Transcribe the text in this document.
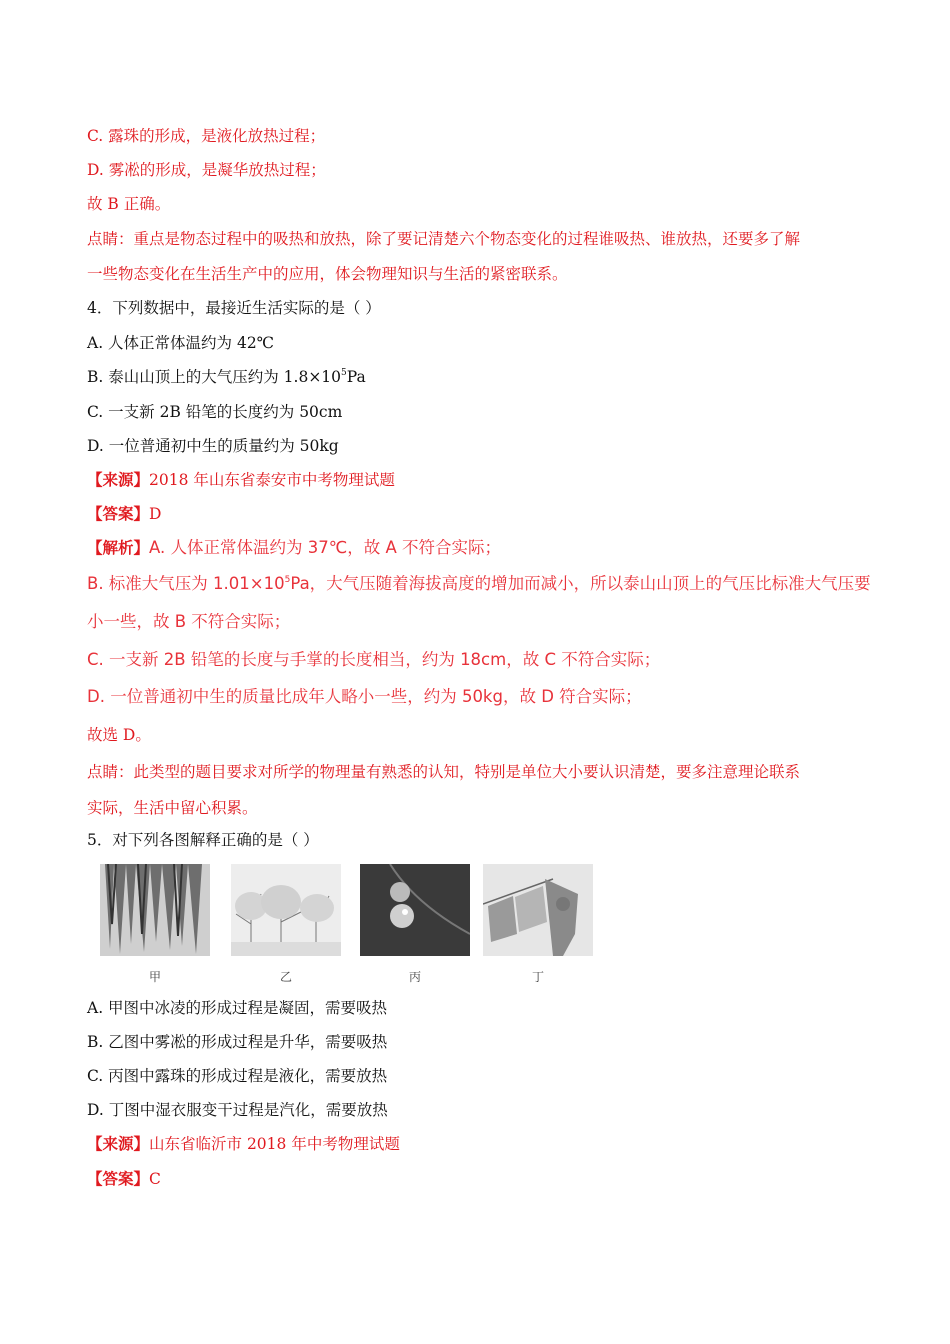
C. 露珠的形成，是液化放热过程；
D. 雾凇的形成，是凝华放热过程；
故 B 正确。
点睛：重点是物态过程中的吸热和放热，除了要记清楚六个物态变化的过程谁吸热、谁放热，还要多了解
一些物态变化在生活生产中的应用，体会物理知识与生活的紧密联系。
4．下列数据中，最接近生活实际的是（ ）
A. 人体正常体温约为 42℃
B. 泰山山顶上的大气压约为 $1.8\times 10^5Pa$
C. 一支新 2B 铅笔的长度约为 50cm
D. 一位普通初中生的质量约为 50kg
【来源】2018 年山东省泰安市中考物理试题
【答案】D
【解析】A. 人体正常体温约为 37℃，故 A 不符合实际；
B. 标准大气压为 $1.01\times 10^5Pa$，大气压随着海拔高度的增加而减小，所以泰山山顶上的气压比标准大气压要
小一些，故 B 不符合实际；
C. 一支新 2B 铅笔的长度与手掌的长度相当，约为 18cm，故 C 不符合实际；
D. 一位普通初中生的质量比成年人略小一些，约为 50kg，故 D 符合实际；

故选 D。
点睛：此类型的题目要求对所学的物理量有熟悉的认知，特别是单位大小要认识清楚，要多注意理论联系
实际，生活中留心积累。
5．对下列各图解释正确的是（ ）
甲	乙	丙	丁
A. 甲图中冰凌的形成过程是凝固，需要吸热
B. 乙图中雾凇的形成过程是升华，需要吸热
C. 丙图中露珠的形成过程是液化，需要放热
D. 丁图中湿衣服变干过程是汽化，需要放热
【来源】山东省临沂市 2018 年中考物理试题
【答案】C
